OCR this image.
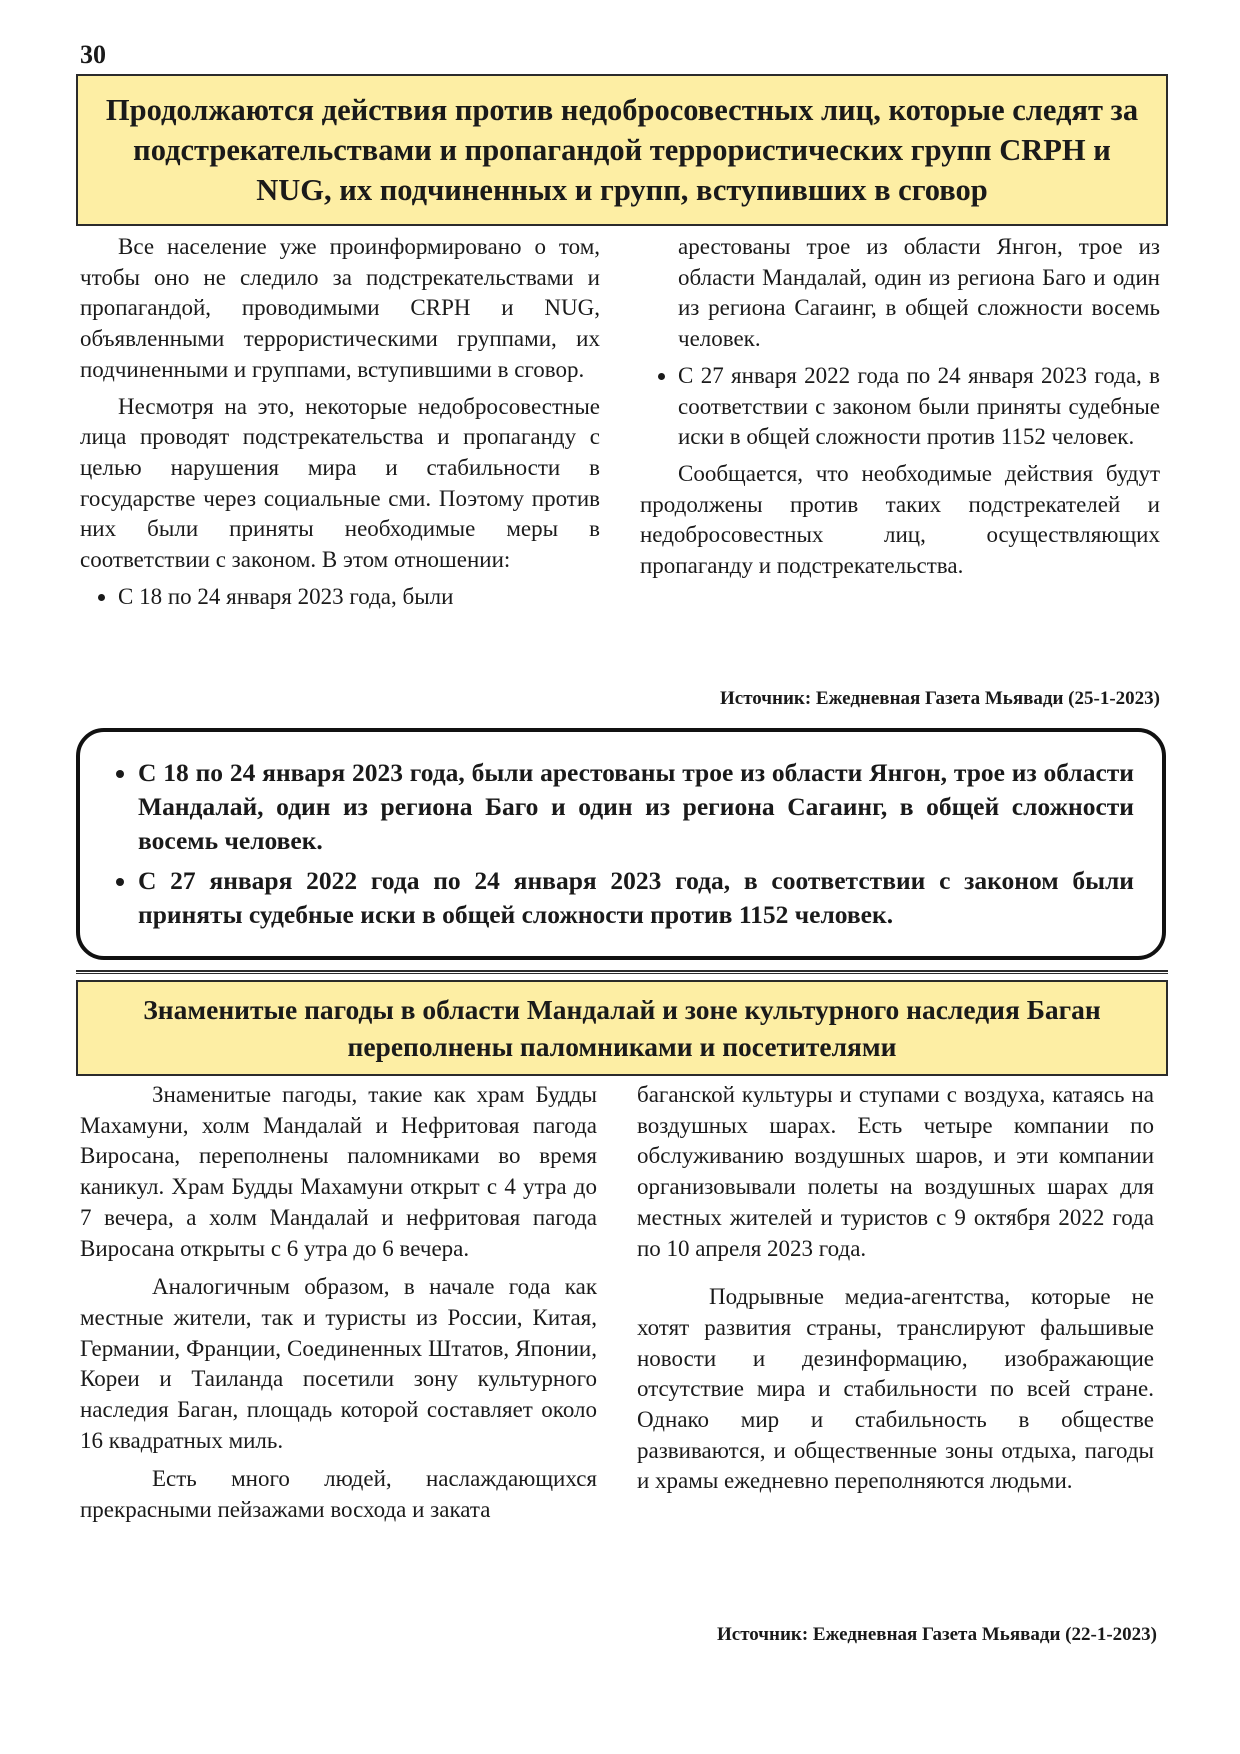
30
Продолжаются действия против недобросовестных лиц, которые следят за подстрекательствами и пропагандой террористических групп CRPH и NUG, их подчиненных и групп, вступивших в сговор

Все население уже проинформировано о том, чтобы оно не следило за подстрекательствами и пропагандой, проводимыми CRPH и NUG, объявленными террористическими группами, их подчиненными и группами, вступившими в сговор.

Несмотря на это, некоторые недобросовестные лица проводят подстрекательства и пропаганду с целью нарушения мира и стабильности в государстве через социальные сми. Поэтому против них были приняты необходимые меры в соответствии с законом. В этом отношении:

• С 18 по 24 января 2023 года, были

арестованы трое из области Янгон, трое из области Мандалай, один из региона Баго и один из региона Сагаинг, в общей сложности восемь человек.

• С 27 января 2022 года по 24 января 2023 года, в соответствии с законом были приняты судебные иски в общей сложности против 1152 человек.

Сообщается, что необходимые действия будут продолжены против таких подстрекателей и недобросовестных лиц, осуществляющих пропаганду и подстрекательства.

Источник: Ежедневная Газета Мьявади (25-1-2023)
• С 18 по 24 января 2023 года, были арестованы трое из области Янгон, трое из области Мандалай, один из региона Баго и один из региона Сагаинг, в общей сложности восемь человек.
• С 27 января 2022 года по 24 января 2023 года, в соответствии с законом были приняты судебные иски в общей сложности против 1152 человек.
Знаменитые пагоды в области Мандалай и зоне культурного наследия Баган переполнены паломниками и посетителями

Знаменитые пагоды, такие как храм Будды Махамуни, холм Мандалай и Нефритовая пагода Виросана, переполнены паломниками во время каникул. Храм Будды Махамуни открыт с 4 утра до 7 вечера, а холм Мандалай и нефритовая пагода Виросана открыты с 6 утра до 6 вечера.

Аналогичным образом, в начале года как местные жители, так и туристы из России, Китая, Германии, Франции, Соединенных Штатов, Японии, Кореи и Таиланда посетили зону культурного наследия Баган, площадь которой составляет около 16 квадратных миль.

Есть много людей, наслаждающихся прекрасными пейзажами восхода и заката

баганской культуры и ступами с воздуха, катаясь на воздушных шарах. Есть четыре компании по обслуживанию воздушных шаров, и эти компании организовывали полеты на воздушных шарах для местных жителей и туристов с 9 октября 2022 года по 10 апреля 2023 года.

Подрывные медиа-агентства, которые не хотят развития страны, транслируют фальшивые новости и дезинформацию, изображающие отсутствие мира и стабильности по всей стране. Однако мир и стабильность в обществе развиваются, и общественные зоны отдыха, пагоды и храмы ежедневно переполняются людьми.

Источник: Ежедневная Газета Мьявади (22-1-2023)
